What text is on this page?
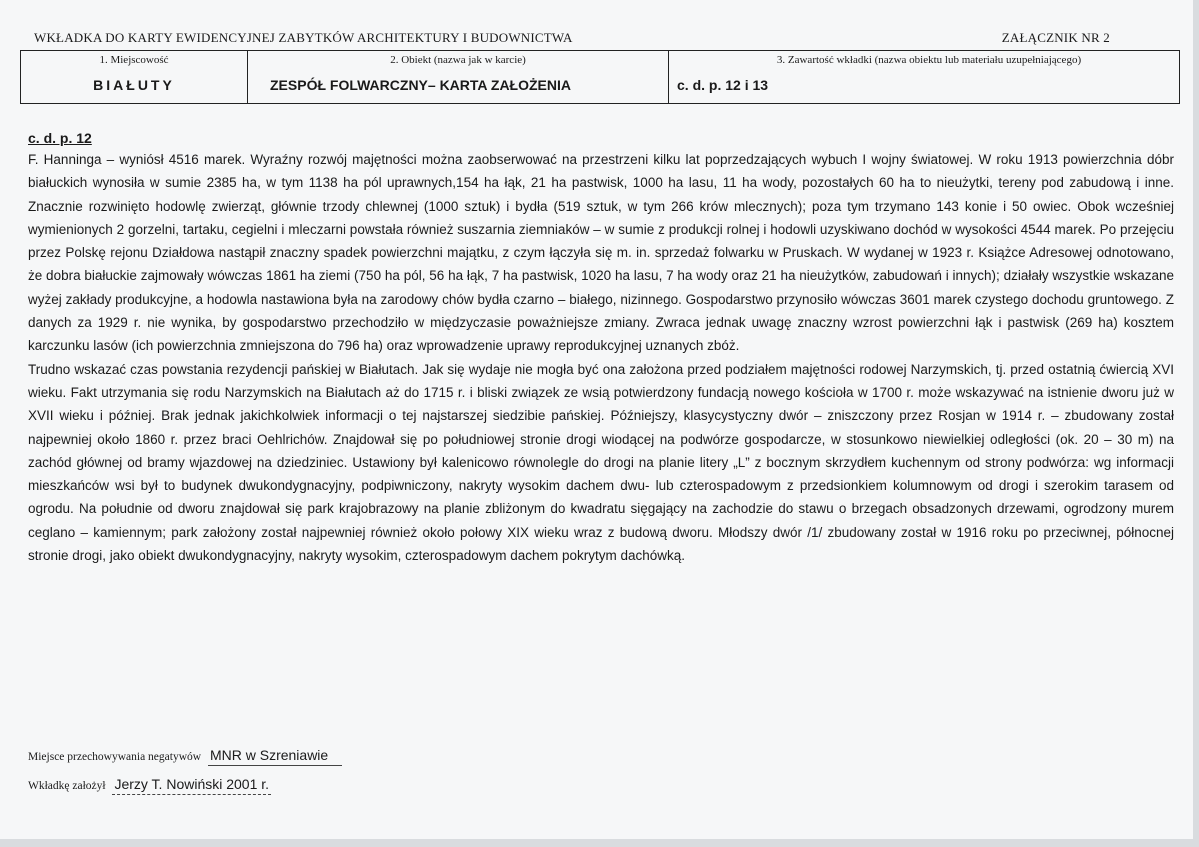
WKŁADKA DO KARTY EWIDENCYJNEJ ZABYTKÓW ARCHITEKTURY I BUDOWNICTWA	ZAŁĄCZNIK NR 2
1. Miejscowość
BIAŁUTY
2. Obiekt (nazwa jak w karcie)
ZESPÓŁ FOLWARCZNY– KARTA ZAŁOŻENIA
3. Zawartość wkładki (nazwa obiektu lub materiału uzupełniającego)
c. d. p. 12 i 13
c. d. p. 12

F. Hanninga – wyniósł 4516 marek. Wyraźny rozwój majętności można zaobserwować na przestrzeni kilku lat poprzedzających wybuch I wojny światowej. W roku 1913 powierzchnia dóbr białuckich wynosiła w sumie 2385 ha, w tym 1138 ha pól uprawnych,154 ha łąk, 21 ha pastwisk, 1000 ha lasu, 11 ha wody, pozostałych 60 ha to nieużytki, tereny pod zabudową i inne. Znacznie rozwinięto hodowlę zwierząt, głównie trzody chlewnej (1000 sztuk) i bydła (519 sztuk, w tym 266 krów mlecznych); poza tym trzymano 143 konie i 50 owiec. Obok wcześniej wymienionych 2 gorzelni, tartaku, cegielni i mleczarni powstała również suszarnia ziemniaków – w sumie z produkcji rolnej i hodowli uzyskiwano dochód w wysokości 4544 marek. Po przejęciu przez Polskę rejonu Działdowa nastąpił znaczny spadek powierzchni majątku, z czym łączyła się m. in. sprzedaż folwarku w Pruskach. W wydanej w 1923 r. Książce Adresowej odnotowano, że dobra białuckie zajmowały wówczas 1861 ha ziemi (750 ha pól, 56 ha łąk, 7 ha pastwisk, 1020 ha lasu, 7 ha wody oraz 21 ha nieużytków, zabudowań i innych); działały wszystkie wskazane wyżej zakłady produkcyjne, a hodowla nastawiona była na zarodowy chów bydła czarno – białego, nizinnego. Gospodarstwo przynosiło wówczas 3601 marek czystego dochodu gruntowego. Z danych za 1929 r. nie wynika, by gospodarstwo przechodziło w międzyczasie poważniejsze zmiany. Zwraca jednak uwagę znaczny wzrost powierzchni łąk i pastwisk (269 ha) kosztem karczunku lasów (ich powierzchnia zmniejszona do 796 ha) oraz wprowadzenie uprawy reprodukcyjnej uznanych zbóż.

Trudno wskazać czas powstania rezydencji pańskiej w Białutach. Jak się wydaje nie mogła być ona założona przed podziałem majętności rodowej Narzymskich, tj. przed ostatnią ćwiercią XVI wieku. Fakt utrzymania się rodu Narzymskich na Białutach aż do 1715 r. i bliski związek ze wsią potwierdzony fundacją nowego kościoła w 1700 r. może wskazywać na istnienie dworu już w XVII wieku i później. Brak jednak jakichkolwiek informacji o tej najstarszej siedzibie pańskiej. Późniejszy, klasycystyczny dwór – zniszczony przez Rosjan w 1914 r. – zbudowany został najpewniej około 1860 r. przez braci Oehlrichów. Znajdował się po południowej stronie drogi wiodącej na podwórze gospodarcze, w stosunkowo niewielkiej odległości (ok. 20 – 30 m) na zachód głównej od bramy wjazdowej na dziedziniec. Ustawiony był kalenicowo równolegle do drogi na planie litery „L” z bocznym skrzydłem kuchennym od strony podwórza: wg informacji mieszkańców wsi był to budynek dwukondygnacyjny, podpiwniczony, nakryty wysokim dachem dwu- lub czterospadowym z przedsionkiem kolumnowym od drogi i szerokim tarasem od ogrodu. Na południe od dworu znajdował się park krajobrazowy na planie zbliżonym do kwadratu sięgający na zachodzie do stawu o brzegach obsadzonych drzewami, ogrodzony murem ceglano – kamiennym; park założony został najpewniej również około połowy XIX wieku wraz z budową dworu. Młodszy dwór /1/ zbudowany został w 1916 roku po przeciwnej, północnej stronie drogi, jako obiekt dwukondygnacyjny, nakryty wysokim, czterospadowym dachem pokrytym dachówką.

Miejsce przechowywania negatywów MNR w Szreniawie
Wkładkę założył Jerzy T. Nowiński 2001 r.
